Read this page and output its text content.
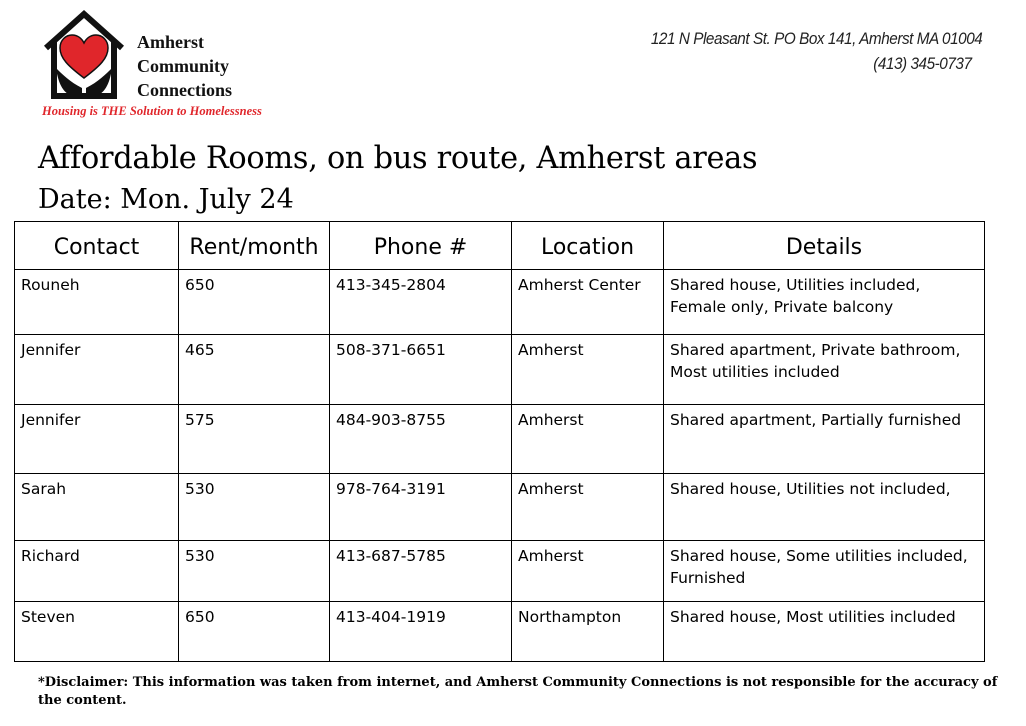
Amherst
Community
Connections
Housing is THE Solution to Homelessness
121 N Pleasant St. PO Box 141, Amherst MA 01004
(413) 345-0737
Affordable Rooms, on bus route, Amherst areas
Date: Mon. July 24
Contact	Rent/month	Phone #	Location	Details
Rouneh	650	413-345-2804	Amherst Center	Shared house, Utilities included, Female only, Private balcony
Jennifer	465	508-371-6651	Amherst	Shared apartment, Private bathroom, Most utilities included
Jennifer	575	484-903-8755	Amherst	Shared apartment, Partially furnished
Sarah	530	978-764-3191	Amherst	Shared house, Utilities not included,
Richard	530	413-687-5785	Amherst	Shared house, Some utilities included, Furnished
Steven	650	413-404-1919	Northampton	Shared house, Most utilities included
*Disclaimer: This information was taken from internet, and Amherst Community Connections is not responsible for the accuracy of the content.
